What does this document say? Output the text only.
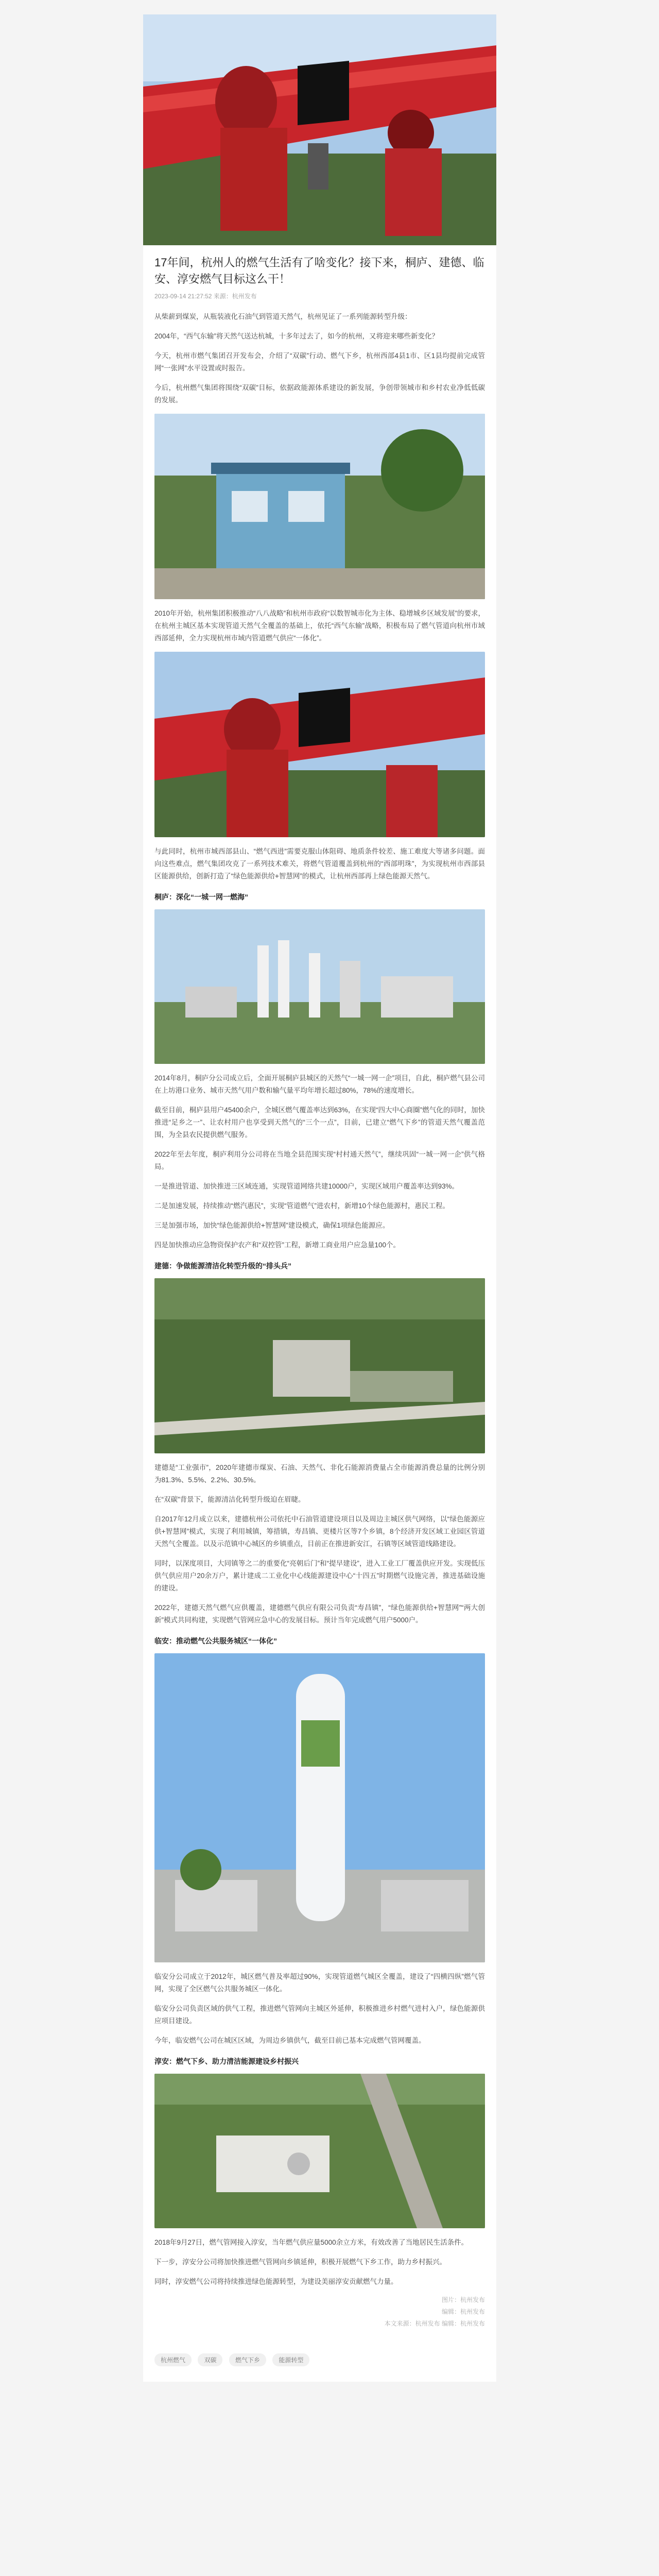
17年间，杭州人的燃气生活有了啥变化？接下来，桐庐、建德、临安、淳安燃气目标这么干！
2023-09-14 21:27:52 来源：杭州发布

从柴薪到煤炭，从瓶装液化石油气到管道天然气，杭州见证了一系列能源转型升级：

2004年，“西气东输”将天然气送达杭城，十多年过去了，如今的杭州，又将迎来哪些新变化？

今天，杭州市燃气集团召开发布会，介绍了“双碳”行动、燃气下乡，杭州西部4县1市、区1县均提前完成管网“一张网”水平设置或时报告。

今后，杭州燃气集团将围绕“双碳”目标，依据政能源体系建设的新发展，争创带领城市和乡村农业净低低碳的发展。

2010年开始，杭州集团积极推动“八八战略”和杭州市政府“以数智城市化为主体、稳增城乡区域发展”的要求，在杭州主城区基本实现管道天然气全覆盖的基础上，依托“西气东输”战略，积极布局了燃气管道向杭州市域西部延伸，全力实现杭州市域内管道燃气供应“一体化”。

与此同时，杭州市城西部县山、“燃气西进”需要克服山体阻碍、地质条件较差、施工难度大等诸多问题。面向这些难点，燃气集团攻克了一系列技术难关，将燃气管道覆盖到杭州的“西部明珠”，为实现杭州市西部县区能源供给，创新打造了“绿色能源供给+智慧网”的模式，让杭州西部再上绿色能源天然气。

桐庐：深化“一城一网一燃海”

2014年8月，桐庐分公司成立后，全面开展桐庐县城区的天然气“一城一网一企”项目，自此，桐庐燃气县公司在上坊港口业务、城市天然气用户数和输气量平均年增长超过80%，78%的速度增长。

截至目前，桐庐县用户45400余户，全城区燃气覆盖率达到63%，在实现“四大中心商圈”燃气化的同时，加快推进“足乡之一”、让农村用户也享受到天然气的“三个一点”，目前，已建立“燃气下乡”的管道天然气覆盖范围，为全县农民提供燃气服务。

2022年至去年度，桐庐利用分公司将在当地全县范围实现“村村通天然气”，继续巩固“一城一网一企”供气格局。

一是推进管道、加快推进三区域连通，实现管道网络共建10000户，实现区域用户覆盖率达到93%。

二是加速发展，持续推动“燃汽惠民”，实现“管道燃气”进农村，新增10个绿色能源村，惠民工程。

三是加强市场，加快“绿色能源供给+智慧网”建设模式，确保1项绿色能源应。

四是加快推动应急物资保护农产和“双控管”工程，新增工商业用户应急量100个。

建德：争做能源清洁化转型升级的“排头兵”

建德是“工业强市”，2020年建德市煤炭、石油、天然气、非化石能源消费量占全市能源消费总量的比例分别为81.3%、5.5%、2.2%、30.5%。

在“双碳”背景下，能源清洁化转型升级迫在眉睫。

自2017年12月成立以来，建德杭州公司依托中石油管道建设项目以及周边主城区供气网络，以“绿色能源应供+智慧网”模式，实现了利用城镇，筹措镇，寿昌镇、更楼片区等7个乡镇，8个经济开发区域工业园区管道天然气全覆盖。以及示范镇中心城区的乡镇重点，目前正在推进新安江，石镇等区域管道线路建设。

同时，以深度项目，大同镇等之二的重要化“亮朝后门”和“提早建设”，进入工业工厂覆盖供应开发。实现低压供气供应用户20余万户，累计建成二工业化中心线能源建设中心“十四五”时期燃气设施完善，推进基础设施的建设。

2022年，建德天然气燃气应供覆盖，建德燃气供应有限公司负责“寿昌镇”，“绿色能源供给+智慧网”“两大创新”模式共同构建，实现燃气管网应急中心的发展目标。预计当年完成燃气用户5000户。

临安：推动燃气公共服务城区“一体化”

临安分公司成立于2012年，城区燃气普及率超过90%，实现管道燃气城区全覆盖，建设了“四横四纵”燃气管网，实现了全区燃气公共服务城区一体化。

临安分公司负责区域的供气工程，推进燃气管网向主城区外延伸，积极推进乡村燃气进村入户，绿色能源供应项目建设。

今年，临安燃气公司在城区区域，为周边乡镇供气，截至目前已基本完成燃气管网覆盖。

淳安：燃气下乡、助力清洁能源建设乡村振兴

2018年9月27日，燃气管网接入淳安，当年燃气供应量5000余立方米，有效改善了当地居民生活条件。

下一步，淳安分公司将加快推进燃气管网向乡镇延伸，积极开展燃气下乡工作，助力乡村振兴。

同时，淳安燃气公司将持续推进绿色能源转型，为建设美丽淳安贡献燃气力量。

图片：杭州发布
编辑：杭州发布
本文来源：杭州发布 编辑：杭州发布
杭州燃气	双碳	燃气下乡	能源转型
